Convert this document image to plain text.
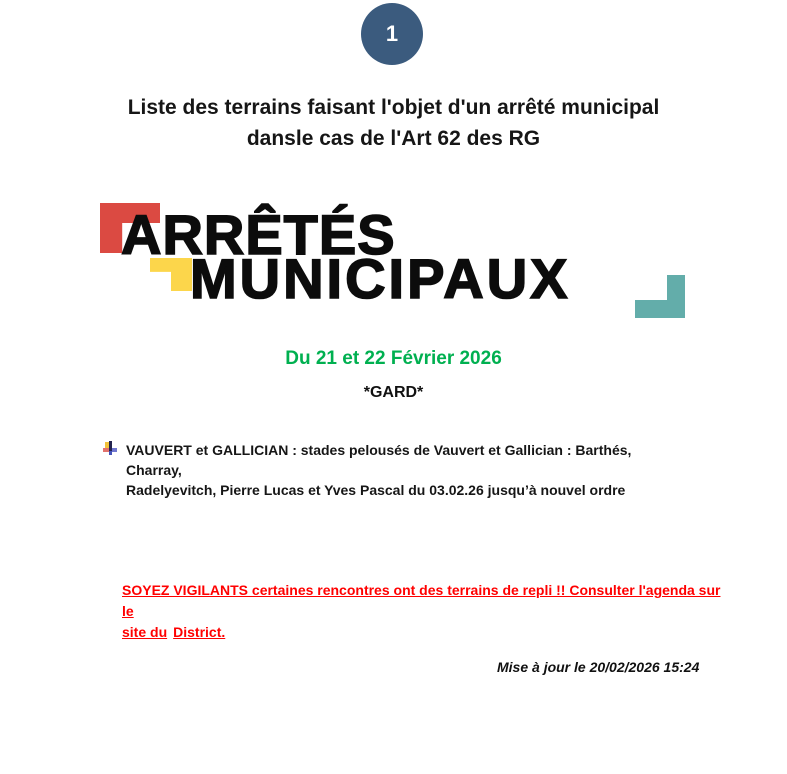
1
Liste des terrains faisant l'objet d'un arrêté municipal
dansle cas de l'Art 62 des RG
ARRÊTÉS
MUNICIPAUX
Du 21 et 22 Février 2026
*GARD*
VAUVERT et GALLICIAN : stades pelousés de Vauvert et Gallician : Barthés, Charray,
Radelyevitch, Pierre Lucas et Yves Pascal du 03.02.26 jusqu’à nouvel ordre
SOYEZ VIGILANTS certaines rencontres ont des terrains de repli !! Consulter l'agenda sur le
site du District.
Mise à jour le 20/02/2026 15:24
